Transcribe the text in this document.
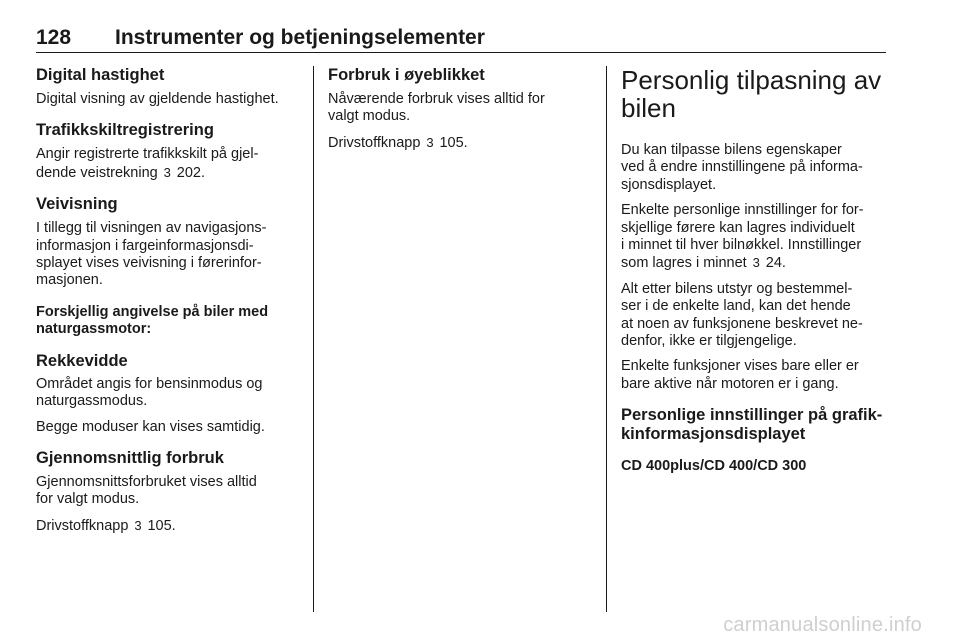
128 Instrumenter og betjeningselementer
Digital hastighet

Digital visning av gjeldende hastighet.

Trafikkskiltregistrering

Angir registrerte trafikkskilt på gjel-

dende veistrekning 3 202.

Veivisning

I tillegg til visningen av navigasjons-

informasjon i fargeinformasjonsdi-

splayet vises veivisning i førerinfor-

masjonen.

Forskjellig angivelse på biler med
naturgassmotor:
Rekkevidde

Området angis for bensinmodus og

naturgassmodus.

Begge moduser kan vises samtidig.

Gjennomsnittlig forbruk

Gjennomsnittsforbruket vises alltid

for valgt modus.

Drivstoffknapp 3 105.

Forbruk i øyeblikket

Nåværende forbruk vises alltid for

valgt modus.

Drivstoffknapp 3 105.

Personlig tilpasning av
bilen

Du kan tilpasse bilens egenskaper

ved å endre innstillingene på informa-

sjonsdisplayet.

Enkelte personlige innstillinger for for-

skjellige førere kan lagres individuelt

i minnet til hver bilnøkkel. Innstillinger

som lagres i minnet 3 24.

Alt etter bilens utstyr og bestemmel-

ser i de enkelte land, kan det hende

at noen av funksjonene beskrevet ne-

denfor, ikke er tilgjengelige.

Enkelte funksjoner vises bare eller er

bare aktive når motoren er i gang.

Personlige innstillinger på grafik-
kinformasjonsdisplayet
CD 400plus/CD 400/CD 300
carmanualsonline.info
